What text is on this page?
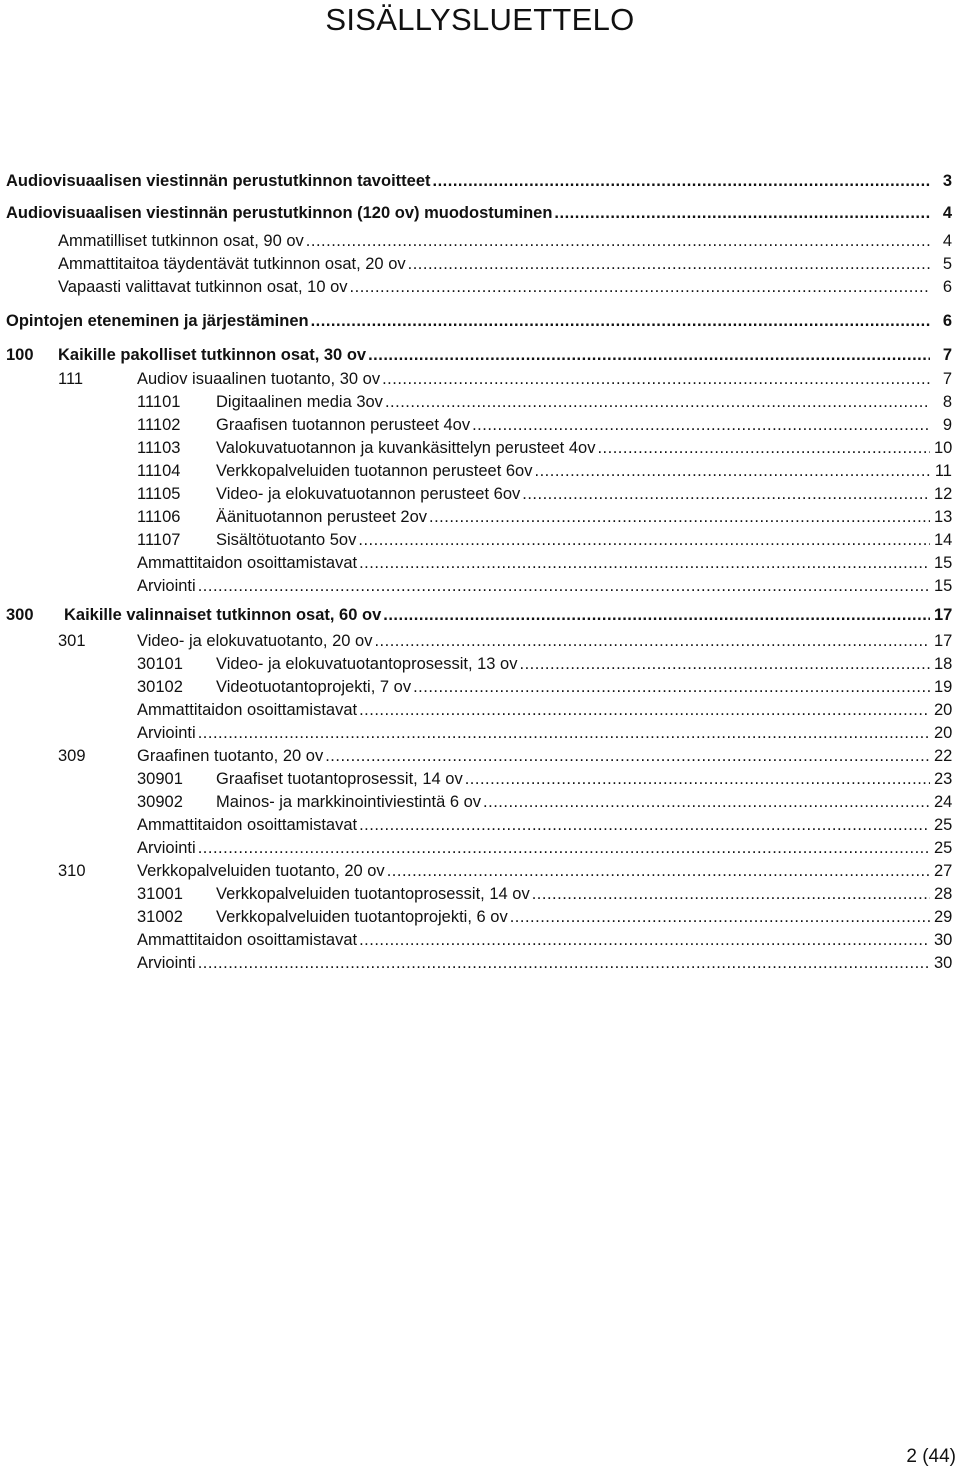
SISÄLLYSLUETTELO
Audiovisuaalisen viestinnän perustutkinnon tavoitteet .....	3
Audiovisuaalisen viestinnän perustutkinnon (120 ov) muodostuminen .....	4
Ammatilliset tutkinnon osat, 90 ov .....	4
Ammattitaitoa täydentävät tutkinnon osat, 20 ov .....	5
Vapaasti valittavat tutkinnon osat, 10 ov .....	6
Opintojen eteneminen ja järjestäminen .....	6
100 Kaikille pakolliset tutkinnon osat, 30 ov .....	7
111	Audiov isuaalinen tuotanto, 30 ov .....	7
11101 Digitaalinen media 3ov .....	8
11102 Graafisen tuotannon perusteet 4ov .....	9
11103 Valokuvatuotannon ja kuvankäsittelyn perusteet 4ov .....	10
11104 Verkkopalveluiden tuotannon perusteet 6ov .....	11
11105 Video- ja elokuvatuotannon perusteet 6ov .....	12
11106 Äänituotannon perusteet 2ov .....	13
11107 Sisältötuotanto 5ov .....	14
Ammattitaidon osoittamistavat .....	15
Arviointi .....	15
300 Kaikille valinnaiset tutkinnon osat, 60 ov .....	17
301	Video- ja elokuvatuotanto, 20 ov .....	17
30101 Video- ja elokuvatuotantoprosessit, 13 ov .....	18
30102 Videotuotantoprojekti, 7 ov .....	19
Ammattitaidon osoittamistavat .....	20
Arviointi .....	20
309	Graafinen tuotanto, 20 ov .....	22
30901 Graafiset tuotantoprosessit, 14 ov .....	23
30902 Mainos- ja markkinointiviestintä 6 ov .....	24
Ammattitaidon osoittamistavat .....	25
Arviointi .....	25
310	Verkkopalveluiden tuotanto, 20 ov .....	27
31001 Verkkopalveluiden tuotantoprosessit, 14 ov .....	28
31002 Verkkopalveluiden tuotantoprojekti, 6 ov .....	29
Ammattitaidon osoittamistavat .....	30
Arviointi .....	30
2 (44)
